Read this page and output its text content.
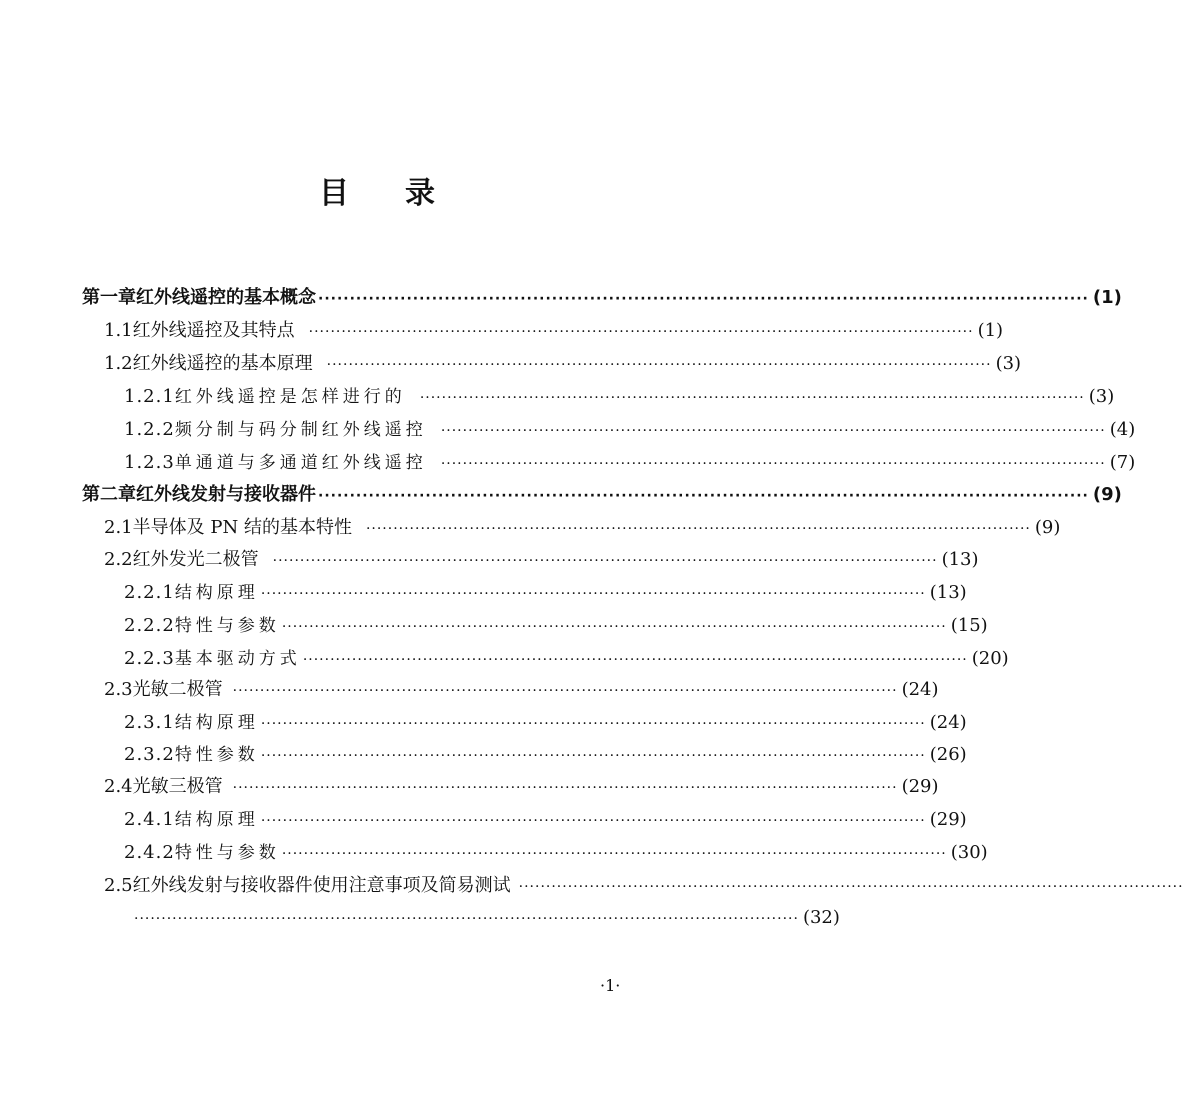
目录
第一章 红外线遥控的基本概念 ·························································································································· (1)
1.1 红外线遥控及其特点 ·························································································································· (1)
1.2 红外线遥控的基本原理 ·························································································································· (3)
1.2.1 红外线遥控是怎样进行的 ·························································································································· (3)
1.2.2 频分制与码分制红外线遥控 ·························································································································· (4)
1.2.3 单通道与多通道红外线遥控 ·························································································································· (7)
第二章 红外线发射与接收器件 ·························································································································· (9)
2.1 半导体及 PN 结的基本特性 ·························································································································· (9)
2.2 红外发光二极管 ·························································································································· (13)
2.2.1 结构原理 ·························································································································· (13)
2.2.2 特性与参数 ·························································································································· (15)
2.2.3 基本驱动方式 ·························································································································· (20)
2.3 光敏二极管 ·························································································································· (24)
2.3.1 结构原理 ·························································································································· (24)
2.3.2 特性参数 ·························································································································· (26)
2.4 光敏三极管 ·························································································································· (29)
2.4.1 结构原理 ·························································································································· (29)
2.4.2 特性与参数 ·························································································································· (30)
2.5 红外线发射与接收器件使用注意事项及简易测试 ··························································································································
·························································································································· (32)
·1·
